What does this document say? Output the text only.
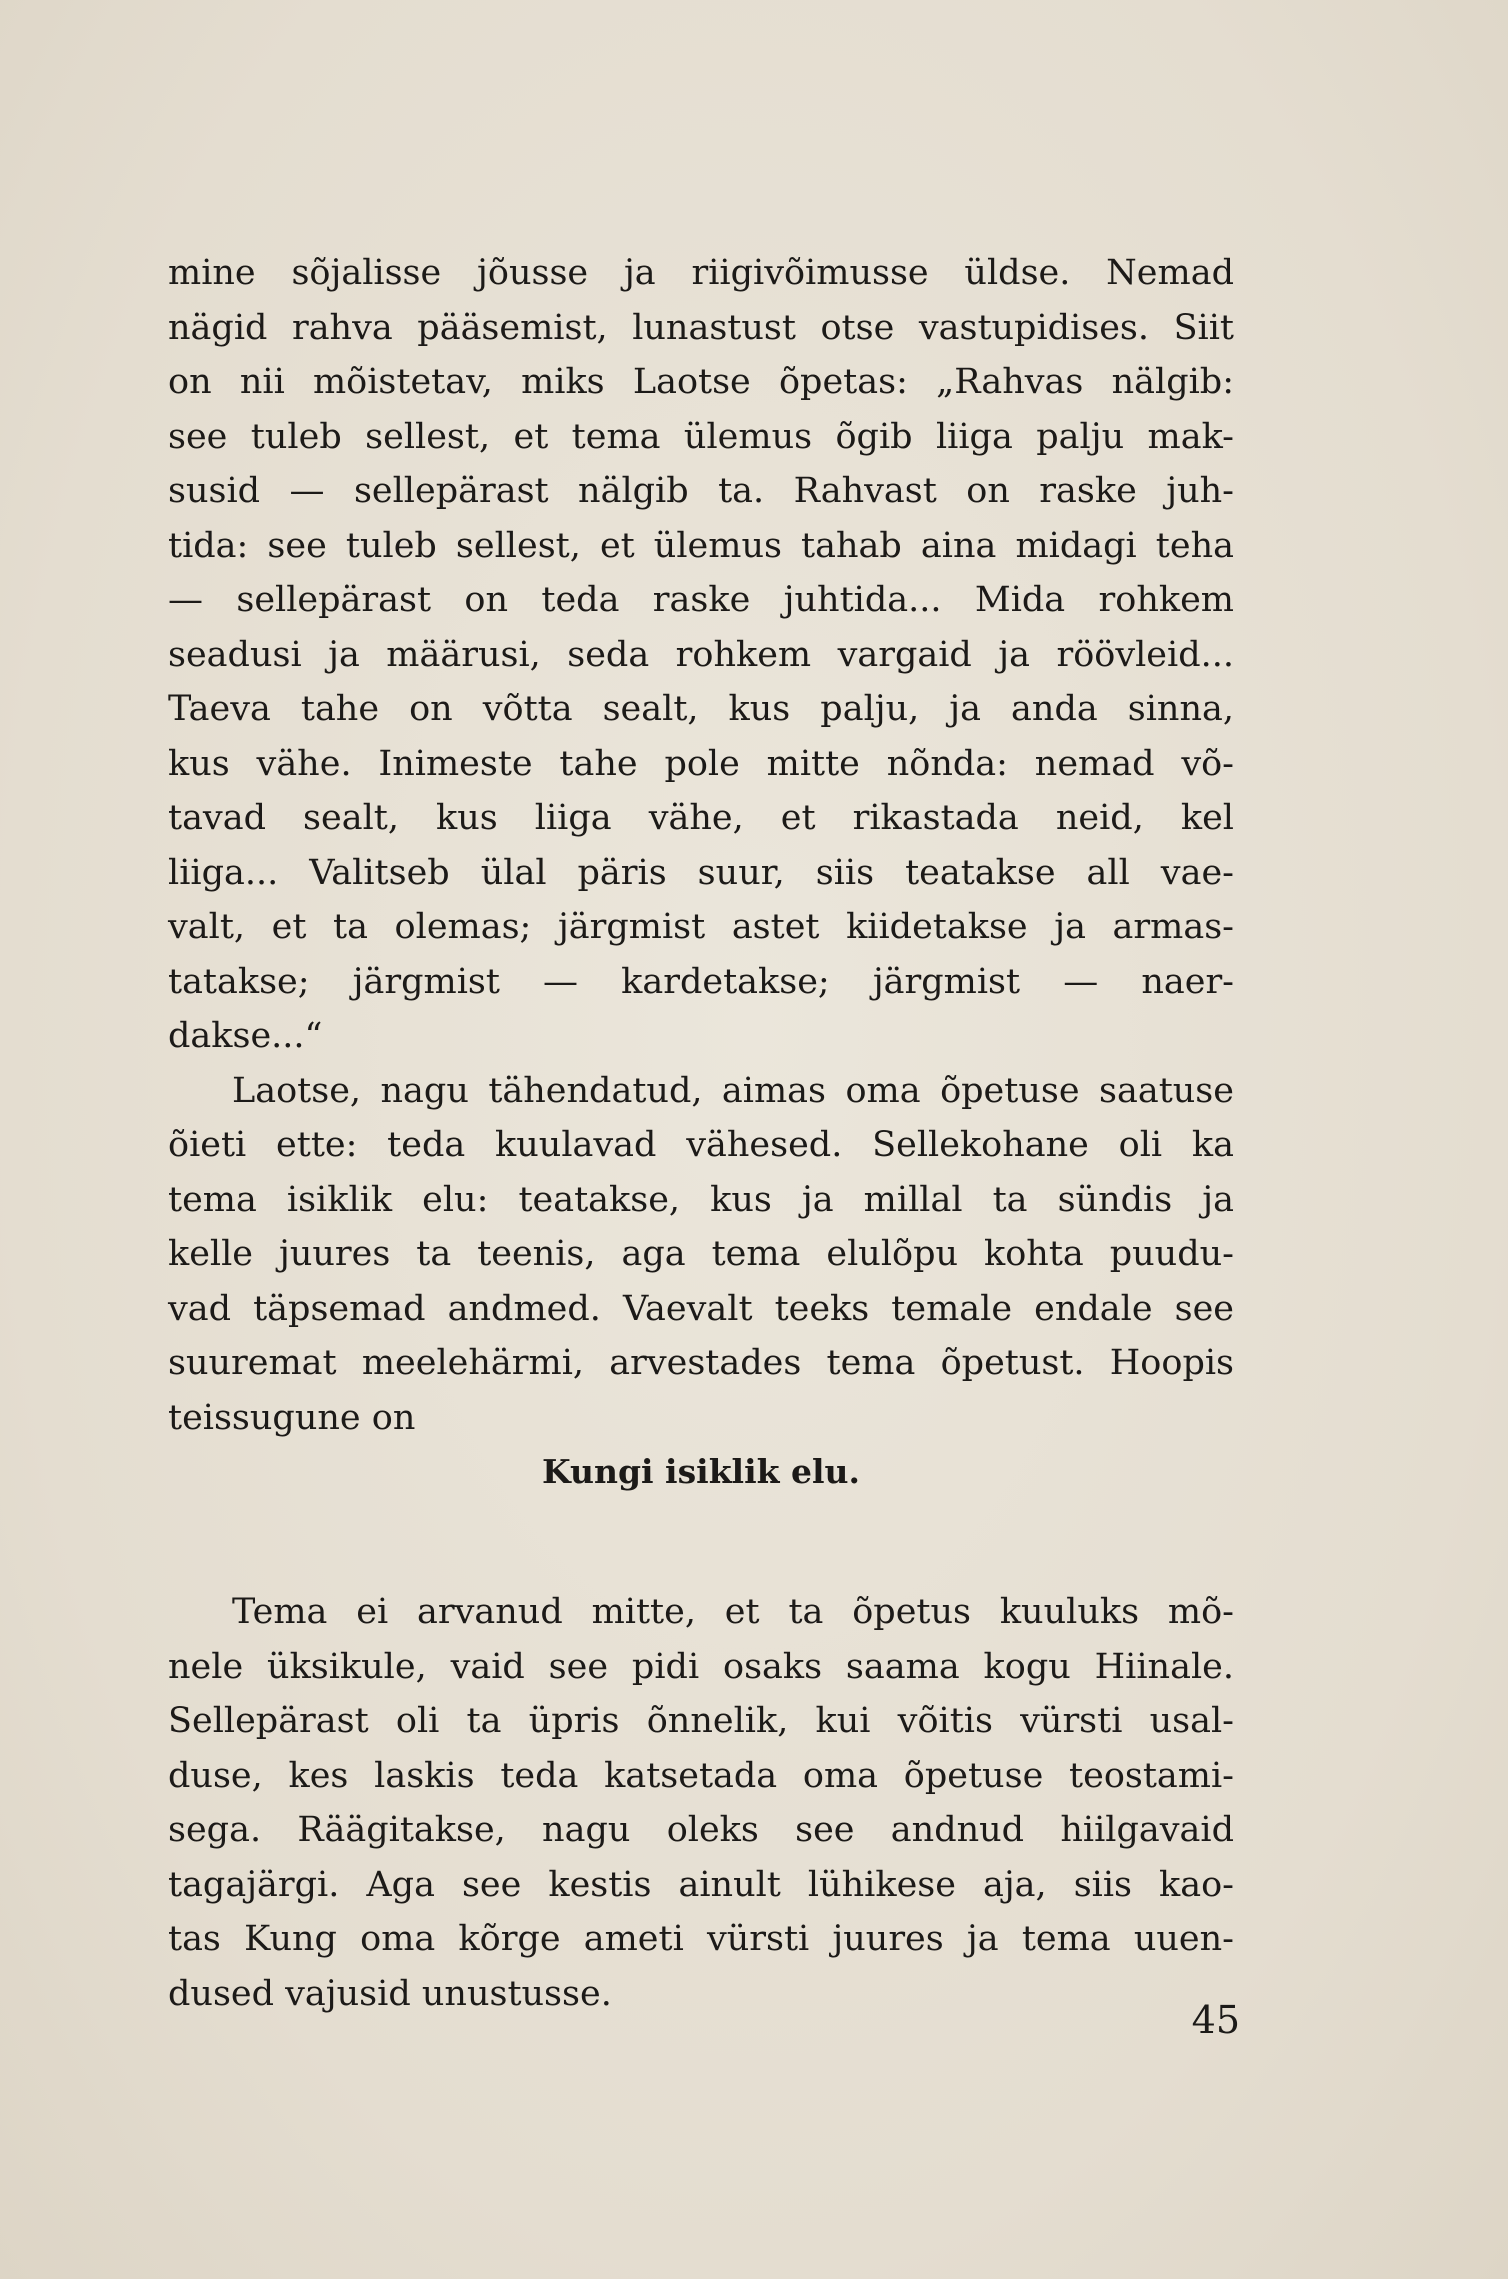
mine sõjalisse jõusse ja riigivõimusse üldse. Nemad
nägid rahva pääsemist, lunastust otse vastupidises. Siit
on nii mõistetav, miks Laotse õpetas: „Rahvas nälgib:
see tuleb sellest, et tema ülemus õgib liiga palju mak-
susid — sellepärast nälgib ta. Rahvast on raske juh-
tida: see tuleb sellest, et ülemus tahab aina midagi teha
— sellepärast on teda raske juhtida... Mida rohkem
seadusi ja määrusi, seda rohkem vargaid ja röövleid...
Taeva tahe on võtta sealt, kus palju, ja anda sinna,
kus vähe. Inimeste tahe pole mitte nõnda: nemad võ-
tavad sealt, kus liiga vähe, et rikastada neid, kel
liiga... Valitseb ülal päris suur, siis teatakse all vae-
valt, et ta olemas; järgmist astet kiidetakse ja armas-
tatakse; järgmist — kardetakse; järgmist — naer-
dakse...“

Laotse, nagu tähendatud, aimas oma õpetuse saatuse
õieti ette: teda kuulavad vähesed. Sellekohane oli ka
tema isiklik elu: teatakse, kus ja millal ta sündis ja
kelle juures ta teenis, aga tema elulõpu kohta puudu-
vad täpsemad andmed. Vaevalt teeks temale endale see
suuremat meelehärmi, arvestades tema õpetust. Hoopis
teissugune on

Kungi isiklik elu.

Tema ei arvanud mitte, et ta õpetus kuuluks mõ-
nele üksikule, vaid see pidi osaks saama kogu Hiinale.
Sellepärast oli ta üpris õnnelik, kui võitis vürsti usal-
duse, kes laskis teda katsetada oma õpetuse teostami-
sega. Räägitakse, nagu oleks see andnud hiilgavaid
tagajärgi. Aga see kestis ainult lühikese aja, siis kao-
tas Kung oma kõrge ameti vürsti juures ja tema uuen-
dused vajusid unustusse.

45
